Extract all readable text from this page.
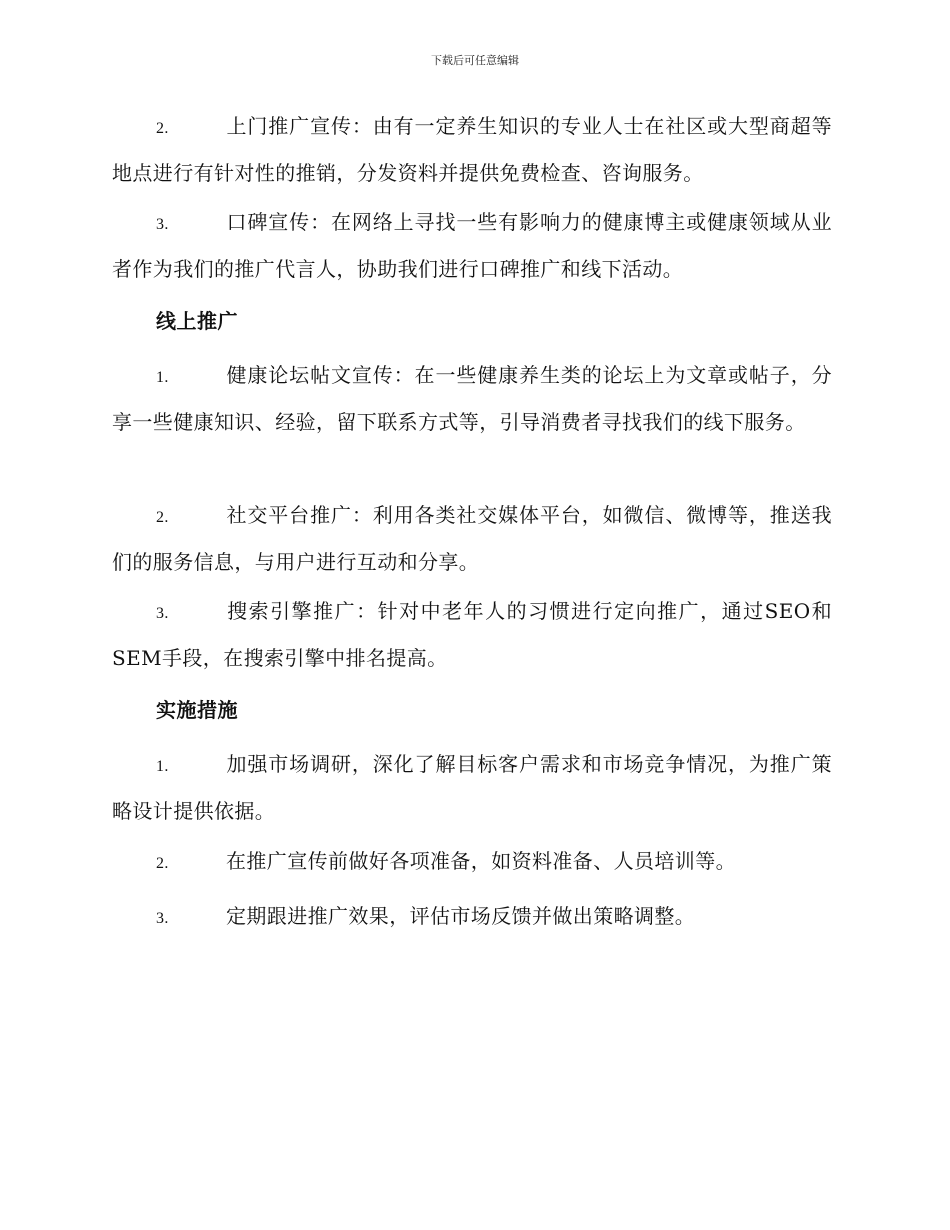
下载后可任意编辑

2.	上门推广宣传：由有一定养生知识的专业人士在社区或大型商超等地点进行有针对性的推销，分发资料并提供免费检查、咨询服务。

3.	口碑宣传：在网络上寻找一些有影响力的健康博主或健康领域从业者作为我们的推广代言人，协助我们进行口碑推广和线下活动。

线上推广

1.	健康论坛帖文宣传：在一些健康养生类的论坛上为文章或帖子，分享一些健康知识、经验，留下联系方式等，引导消费者寻找我们的线下服务。

2.	社交平台推广：利用各类社交媒体平台，如微信、微博等，推送我们的服务信息，与用户进行互动和分享。

3.	搜索引擎推广：针对中老年人的习惯进行定向推广，通过SEO和SEM手段，在搜索引擎中排名提高。

实施措施

1.	加强市场调研，深化了解目标客户需求和市场竞争情况，为推广策略设计提供依据。

2.	在推广宣传前做好各项准备，如资料准备、人员培训等。

3.	定期跟进推广效果，评估市场反馈并做出策略调整。
